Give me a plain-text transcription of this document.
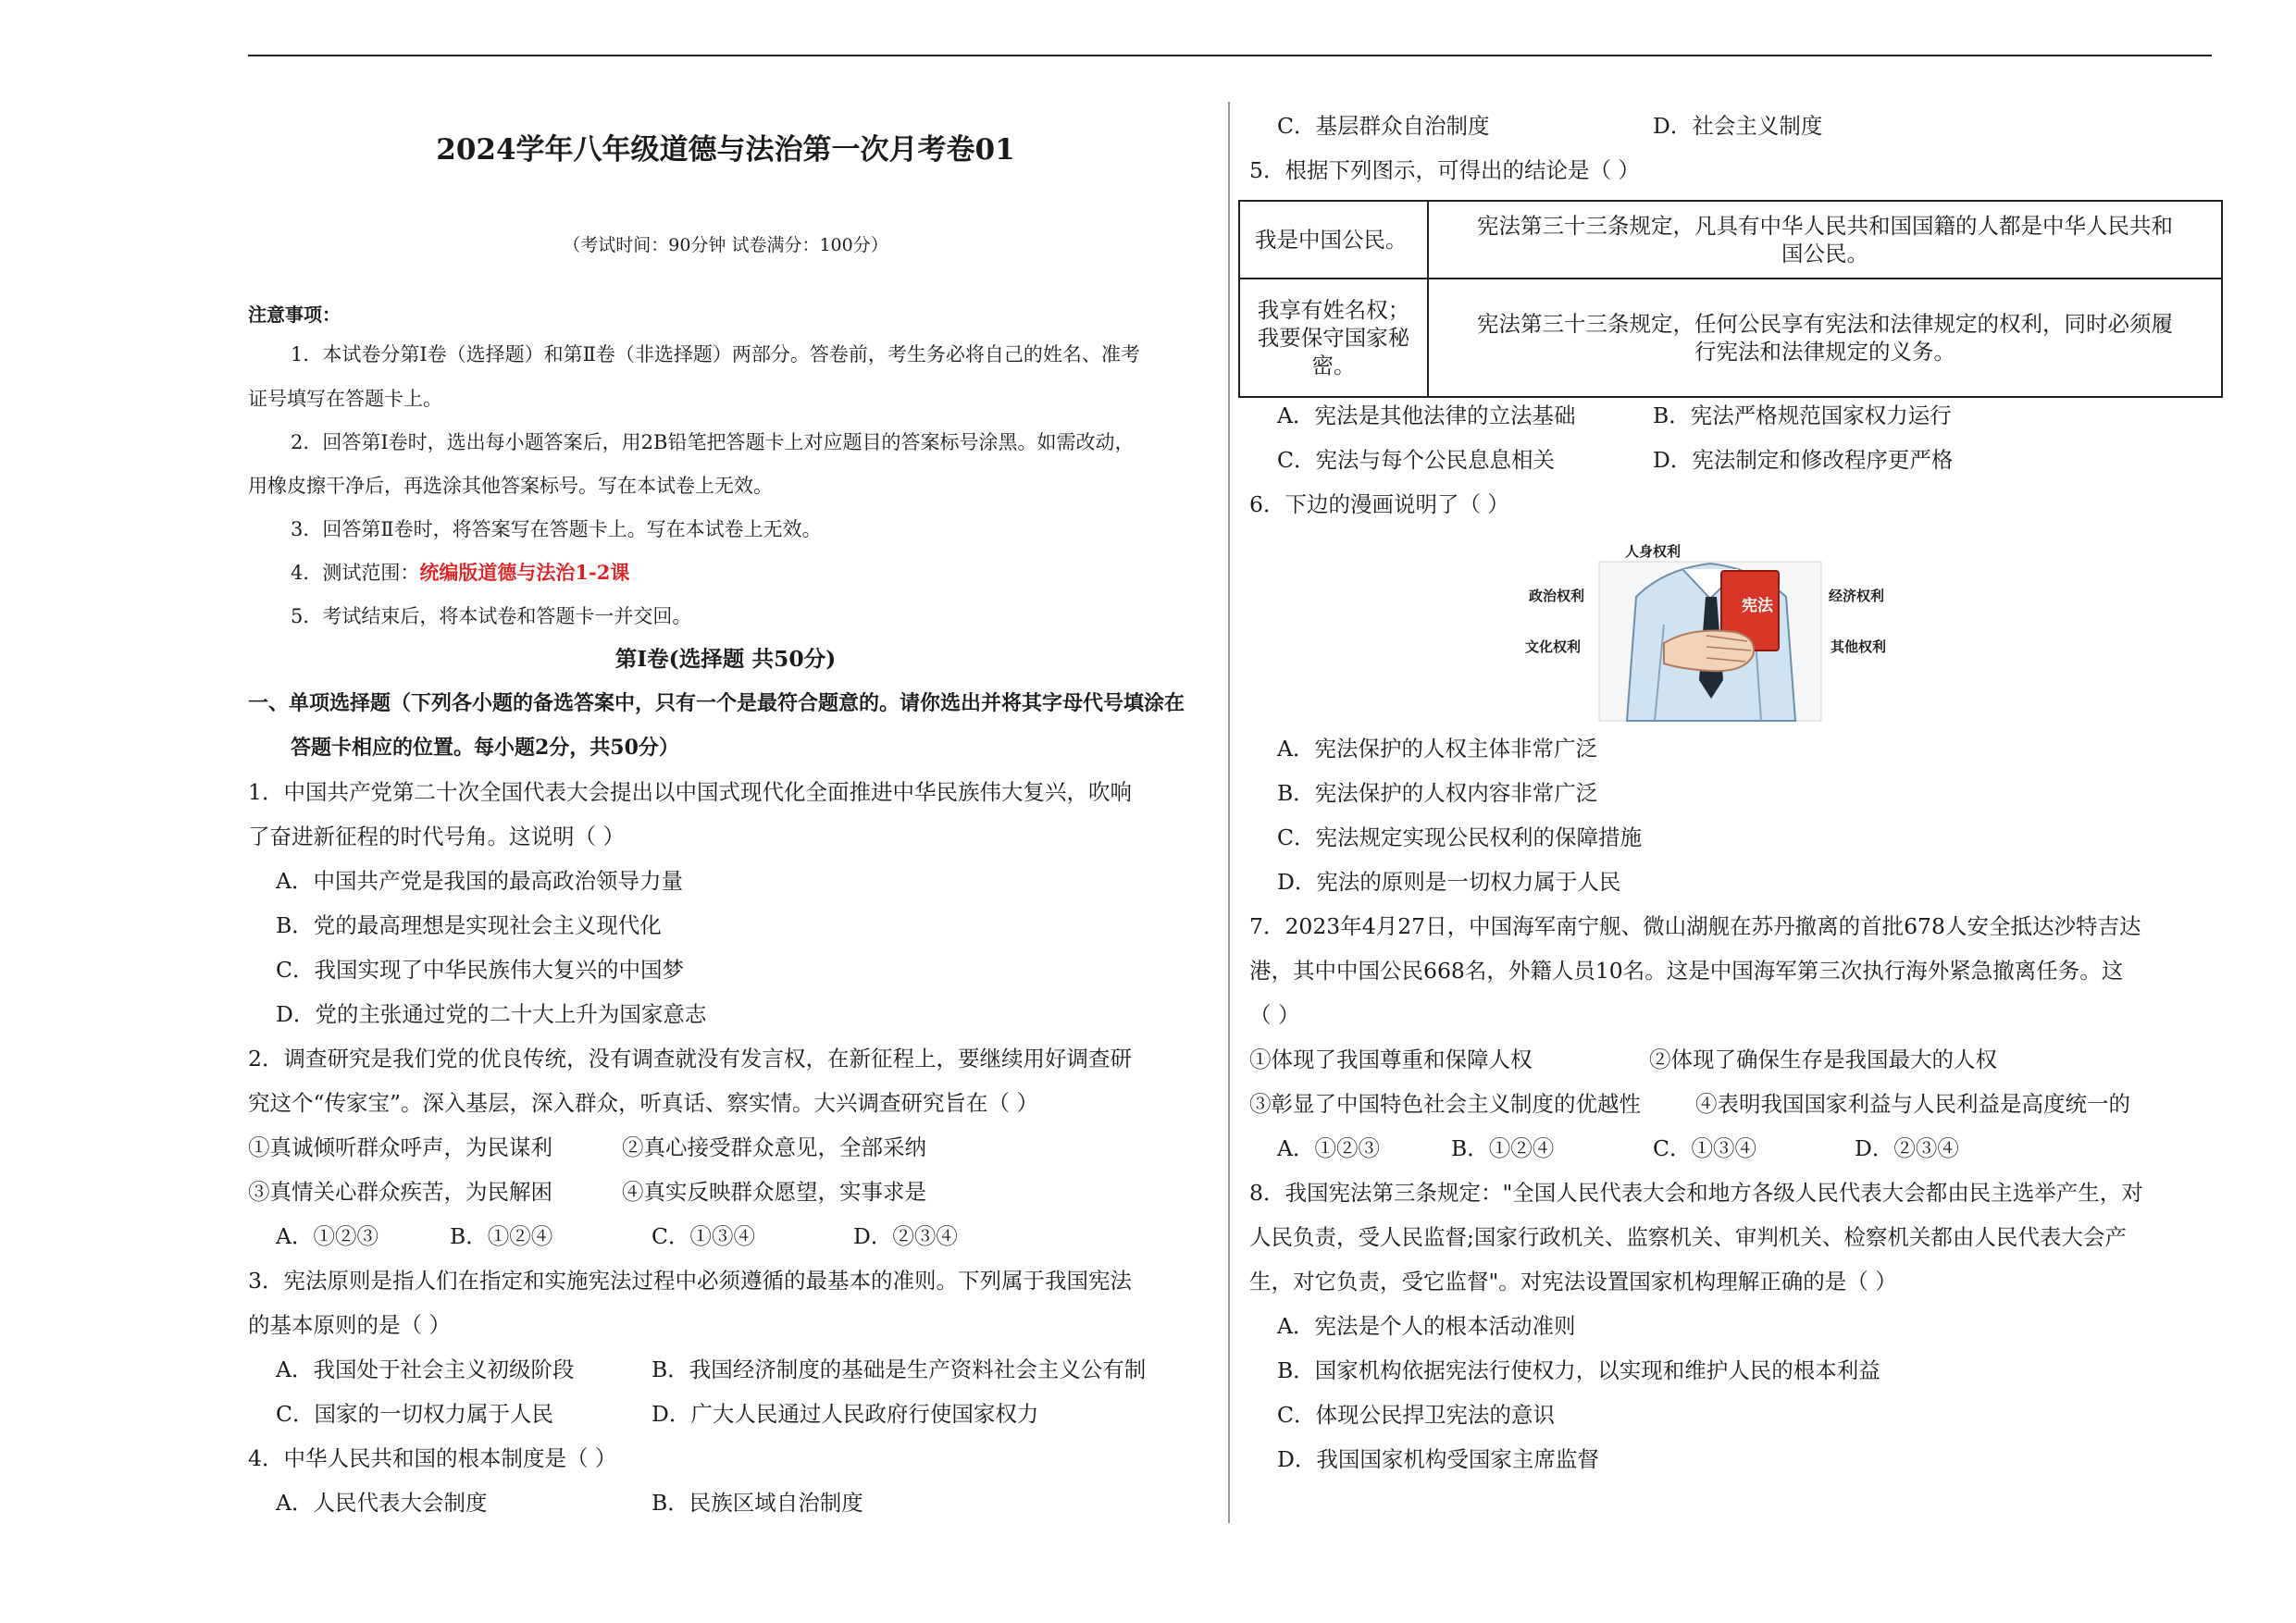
2024学年八年级道德与法治第一次月考卷01
（考试时间：90分钟 试卷满分：100分）
注意事项：
1．本试卷分第Ⅰ卷（选择题）和第Ⅱ卷（非选择题）两部分。答卷前，考生务必将自己的姓名、准考
证号填写在答题卡上。
2．回答第Ⅰ卷时，选出每小题答案后，用2B铅笔把答题卡上对应题目的答案标号涂黑。如需改动，
用橡皮擦干净后，再选涂其他答案标号。写在本试卷上无效。
3．回答第Ⅱ卷时，将答案写在答题卡上。写在本试卷上无效。
4．测试范围：统编版道德与法治1-2课
5．考试结束后，将本试卷和答题卡一并交回。
第Ⅰ卷(选择题 共50分)
一、单项选择题（下列各小题的备选答案中，只有一个是最符合题意的。请你选出并将其字母代号填涂在
答题卡相应的位置。每小题2分，共50分）
1．中国共产党第二十次全国代表大会提出以中国式现代化全面推进中华民族伟大复兴，吹响
了奋进新征程的时代号角。这说明（ ）
A．中国共产党是我国的最高政治领导力量
B．党的最高理想是实现社会主义现代化
C．我国实现了中华民族伟大复兴的中国梦
D．党的主张通过党的二十大上升为国家意志
2．调查研究是我们党的优良传统，没有调查就没有发言权，在新征程上，要继续用好调查研
究这个“传家宝”。深入基层，深入群众，听真话、察实情。大兴调查研究旨在（ ）
①真诚倾听群众呼声，为民谋利	②真心接受群众意见，全部采纳
③真情关心群众疾苦，为民解困	④真实反映群众愿望，实事求是
A．①②③	B．①②④	C．①③④	D．②③④
3．宪法原则是指人们在指定和实施宪法过程中必须遵循的最基本的准则。下列属于我国宪法
的基本原则的是（ ）
A．我国处于社会主义初级阶段	B．我国经济制度的基础是生产资料社会主义公有制
C．国家的一切权力属于人民	D．广大人民通过人民政府行使国家权力
4．中华人民共和国的根本制度是（ ）
A．人民代表大会制度	B．民族区域自治制度
C．基层群众自治制度	D．社会主义制度
5．根据下列图示，可得出的结论是（ ）
我是中国公民。	宪法第三十三条规定，凡具有中华人民共和国国籍的人都是中华人民共和
国公民。
我享有姓名权；
我要保守国家秘
密。	宪法第三十三条规定，任何公民享有宪法和法律规定的权利，同时必须履
行宪法和法律规定的义务。
A．宪法是其他法律的立法基础	B．宪法严格规范国家权力运行
C．宪法与每个公民息息相关	D．宪法制定和修改程序更严格
6．下边的漫画说明了（ ）
A．宪法保护的人权主体非常广泛
B．宪法保护的人权内容非常广泛
C．宪法规定实现公民权利的保障措施
D．宪法的原则是一切权力属于人民
7．2023年4月27日，中国海军南宁舰、微山湖舰在苏丹撤离的首批678人安全抵达沙特吉达
港，其中中国公民668名，外籍人员10名。这是中国海军第三次执行海外紧急撤离任务。这
（ ）
①体现了我国尊重和保障人权	②体现了确保生存是我国最大的人权
③彰显了中国特色社会主义制度的优越性	④表明我国国家利益与人民利益是高度统一的
A．①②③	B．①②④	C．①③④	D．②③④
8．我国宪法第三条规定："全国人民代表大会和地方各级人民代表大会都由民主选举产生，对
人民负责，受人民监督;国家行政机关、监察机关、审判机关、检察机关都由人民代表大会产
生，对它负责，受它监督"。对宪法设置国家机构理解正确的是（ ）
A．宪法是个人的根本活动准则
B．国家机构依据宪法行使权力，以实现和维护人民的根本利益
C．体现公民捍卫宪法的意识
D．我国国家机构受国家主席监督
宪法
人身权利
政治权利	经济权利
文化权利	其他权利
